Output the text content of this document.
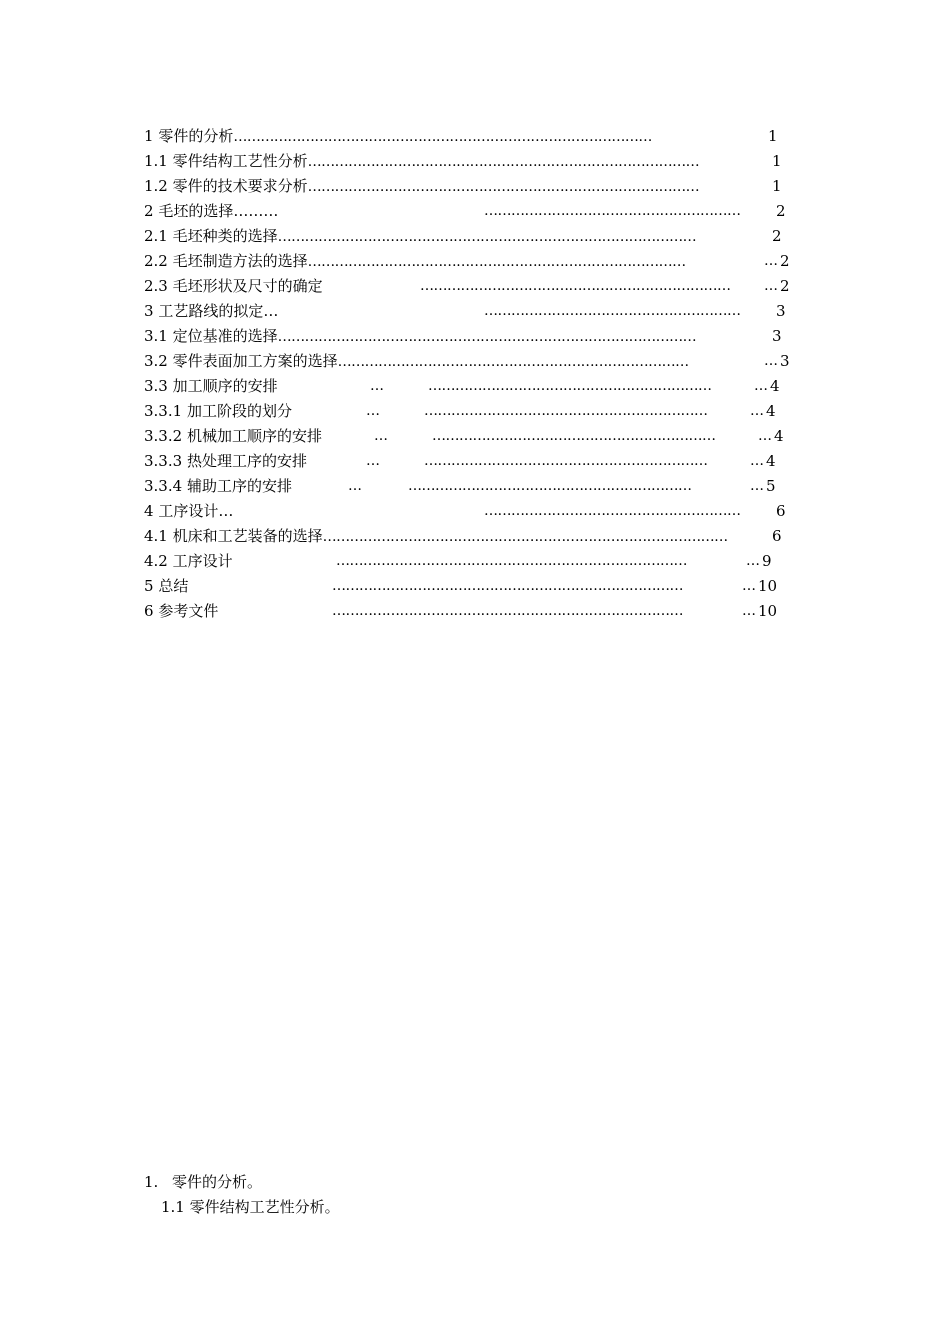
1 零件的分析…………………………………………………………………………………	1
1.1 零件结构工艺性分析……………………………………………………………………………	1
1.2 零件的技术要求分析……………………………………………………………………………	1
2 毛坯的选择………	………………………………………………… 2
2.1 毛坯种类的选择…………………………………………………………………………………	2
2.2 毛坯制造方法的选择…………………………………………………………………………	… 2
2.3 毛坯形状及尺寸的确定	…………………………………………………………… … 2
3 工艺路线的拟定…	………………………………………………… 3
3.1 定位基准的选择…………………………………………………………………………………	3
3.2 零件表面加工方案的选择……………………………………………………………………	… 3
3.3 加工顺序的安排	…	………………………………………………………	… 4
3.3.1 加工阶段的划分	…	………………………………………………………	… 4
3.3.2 机械加工顺序的安排	…	………………………………………………………	… 4
3.3.3 热处理工序的安排	…	………………………………………………………	… 4
3.3.4 辅助工序的安排	…	………………………………………………………	… 5
4 工序设计…	………………………………………………… 6
4.1 机床和工艺装备的选择………………………………………………………………………………	6
4.2 工序设计	……………………………………………………………………	… 9
5 总结	……………………………………………………………………	… 10
6 参考文件	……………………………………………………………………	… 10
1. 零件的分析。
1.1 零件结构工艺性分析。
